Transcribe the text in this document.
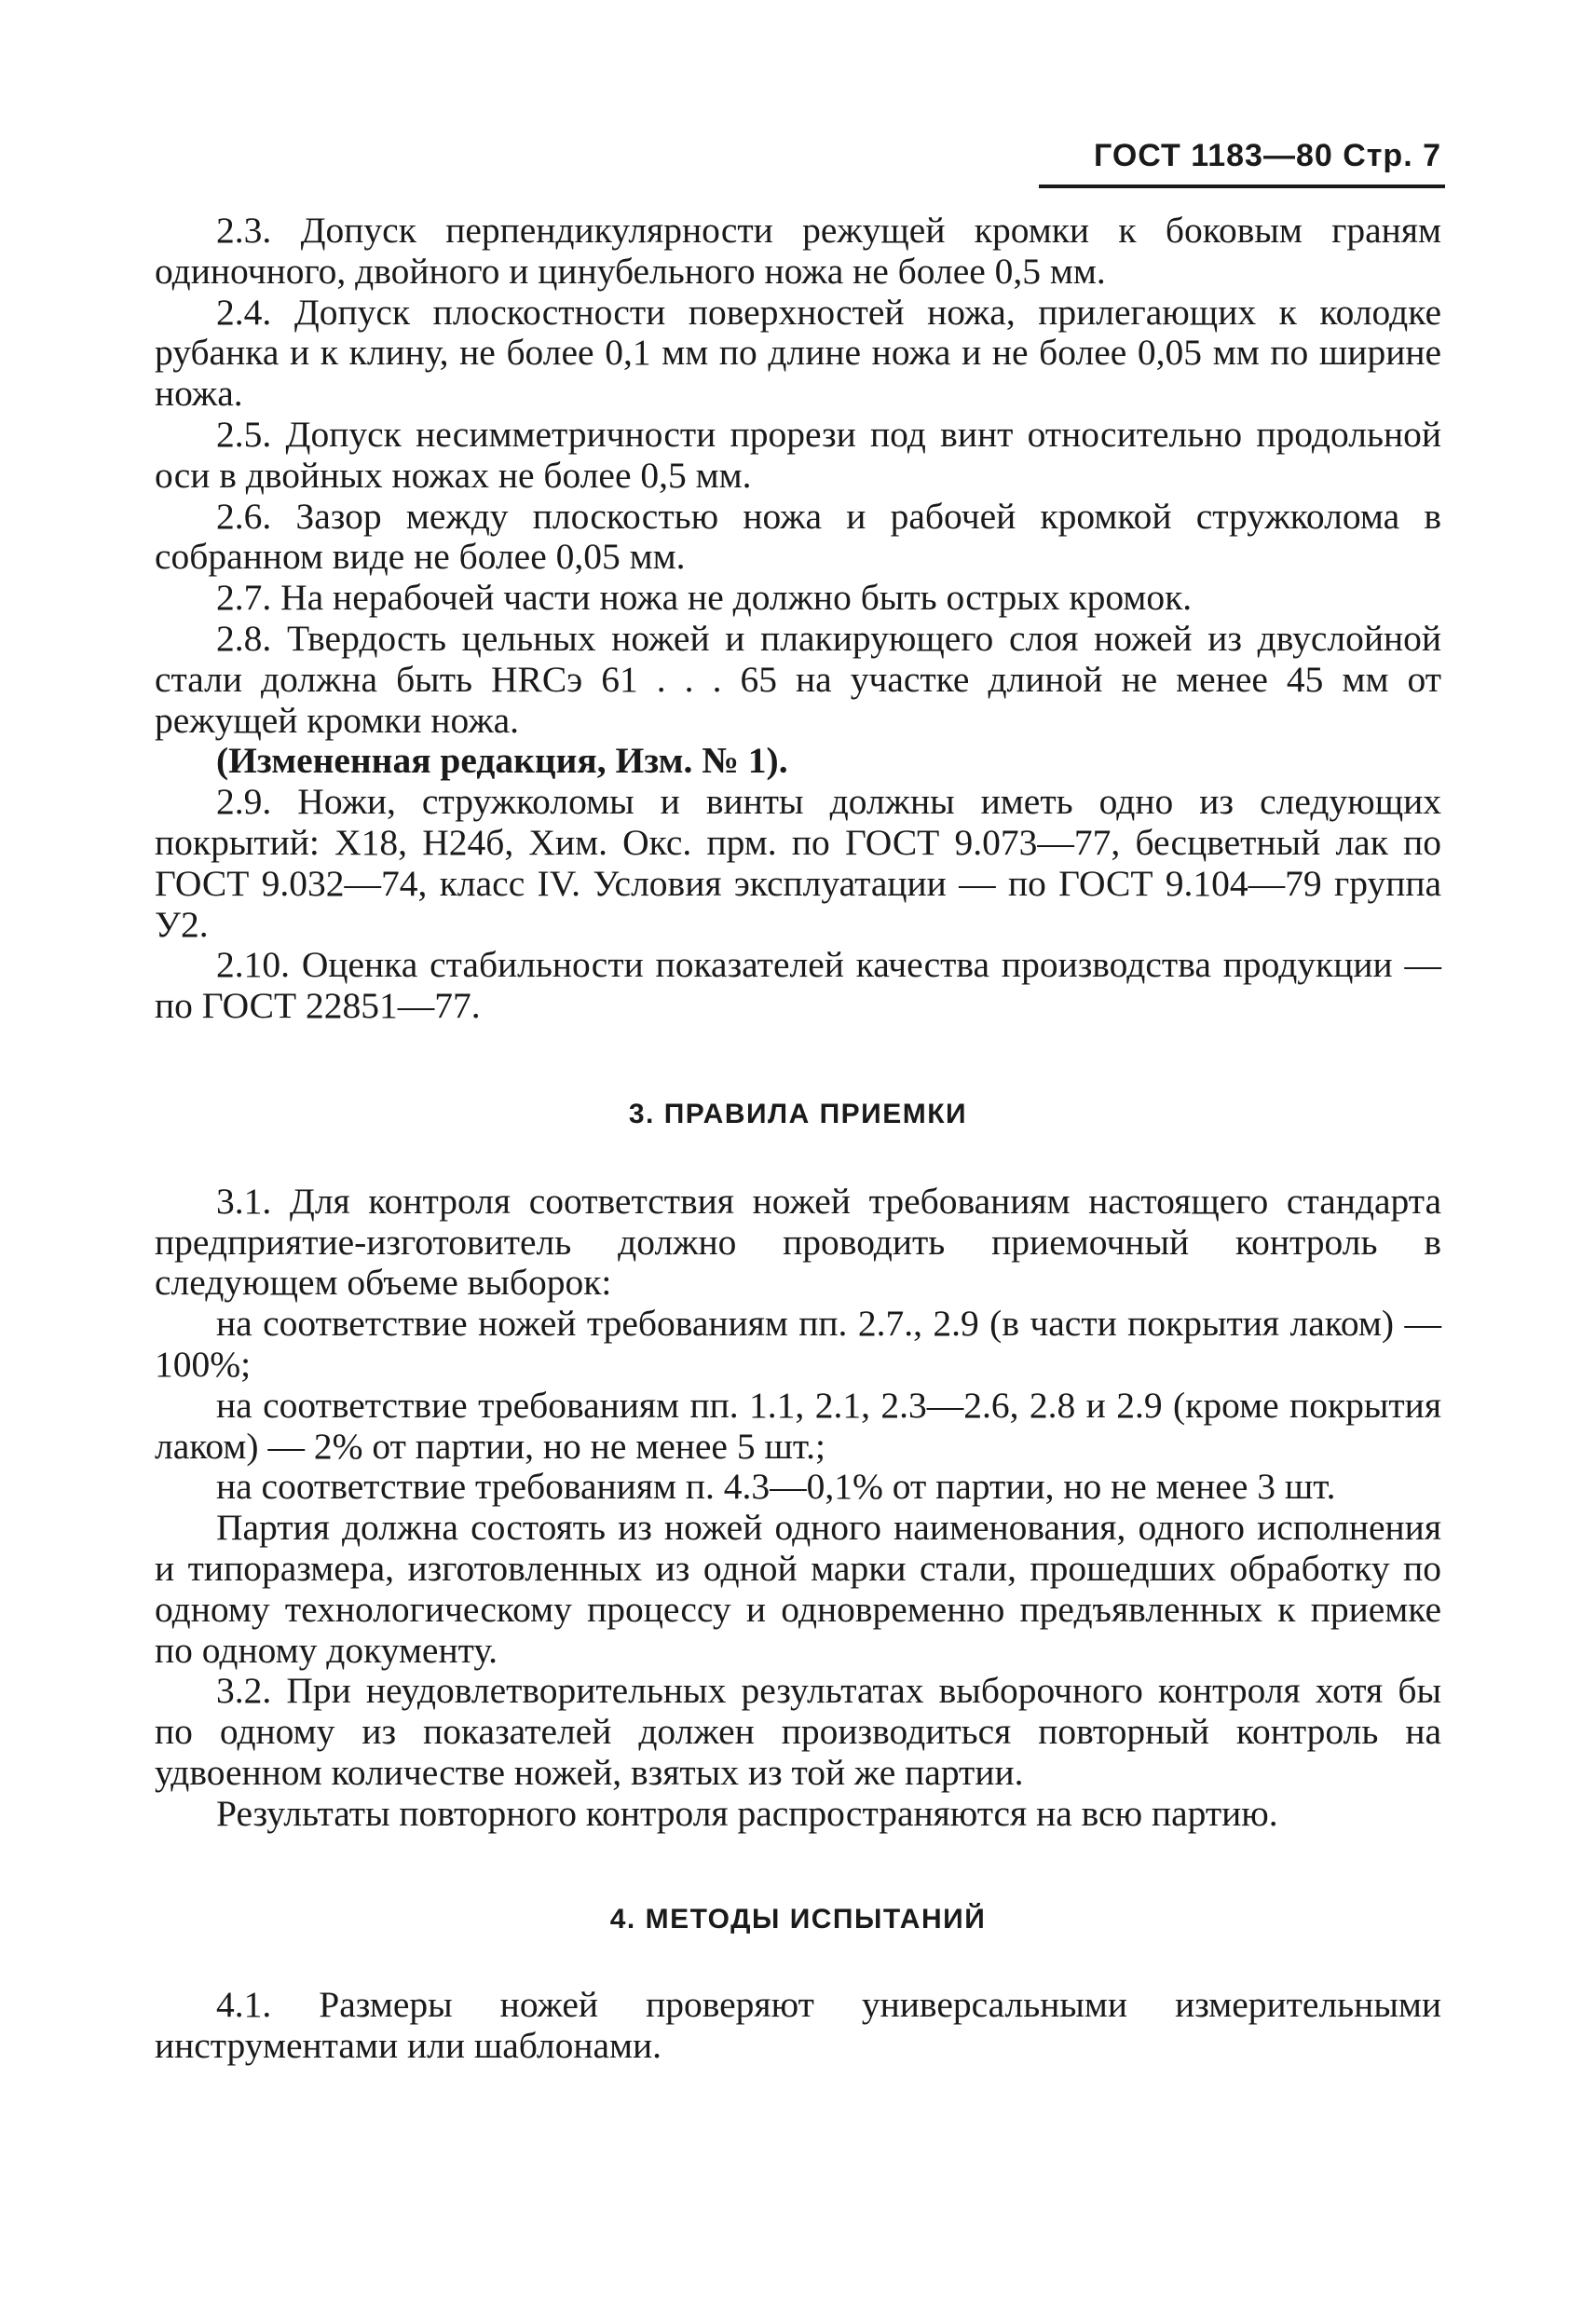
ГОСТ 1183—80 Стр. 7

2.3. Допуск перпендикулярности режущей кромки к боковым граням одиночного, двойного и цинубельного ножа не более 0,5 мм.

2.4. Допуск плоскостности поверхностей ножа, прилегающих к колодке рубанка и к клину, не более 0,1 мм по длине ножа и не более 0,05 мм по ширине ножа.

2.5. Допуск несимметричности прорези под винт относительно продольной оси в двойных ножах не более 0,5 мм.

2.6. Зазор между плоскостью ножа и рабочей кромкой стружколома в собранном виде не более 0,05 мм.

2.7. На нерабочей части ножа не должно быть острых кромок.

2.8. Твердость цельных ножей и плакирующего слоя ножей из двуслойной стали должна быть HRCэ 61 . . . 65 на участке длиной не менее 45 мм от режущей кромки ножа.

(Измененная редакция, Изм. № 1).

2.9. Ножи, стружколомы и винты должны иметь одно из следующих покрытий: Х18, Н24б, Хим. Окс. прм. по ГОСТ 9.073—77, бесцветный лак по ГОСТ 9.032—74, класс IV. Условия эксплуатации — по ГОСТ 9.104—79 группа У2.

2.10. Оценка стабильности показателей качества производства продукции — по ГОСТ 22851—77.

3. ПРАВИЛА ПРИЕМКИ

3.1. Для контроля соответствия ножей требованиям настоящего стандарта предприятие-изготовитель должно проводить приемочный контроль в следующем объеме выборок:

на соответствие ножей требованиям пп. 2.7., 2.9 (в части покрытия лаком) — 100%;

на соответствие требованиям пп. 1.1, 2.1, 2.3—2.6, 2.8 и 2.9 (кроме покрытия лаком) — 2% от партии, но не менее 5 шт.;

на соответствие требованиям п. 4.3—0,1% от партии, но не менее 3 шт.

Партия должна состоять из ножей одного наименования, одного исполнения и типоразмера, изготовленных из одной марки стали, прошедших обработку по одному технологическому процессу и одновременно предъявленных к приемке по одному документу.

3.2. При неудовлетворительных результатах выборочного контроля хотя бы по одному из показателей должен производиться повторный контроль на удвоенном количестве ножей, взятых из той же партии.

Результаты повторного контроля распространяются на всю партию.

4. МЕТОДЫ ИСПЫТАНИЙ

4.1. Размеры ножей проверяют универсальными измерительными инструментами или шаблонами.
